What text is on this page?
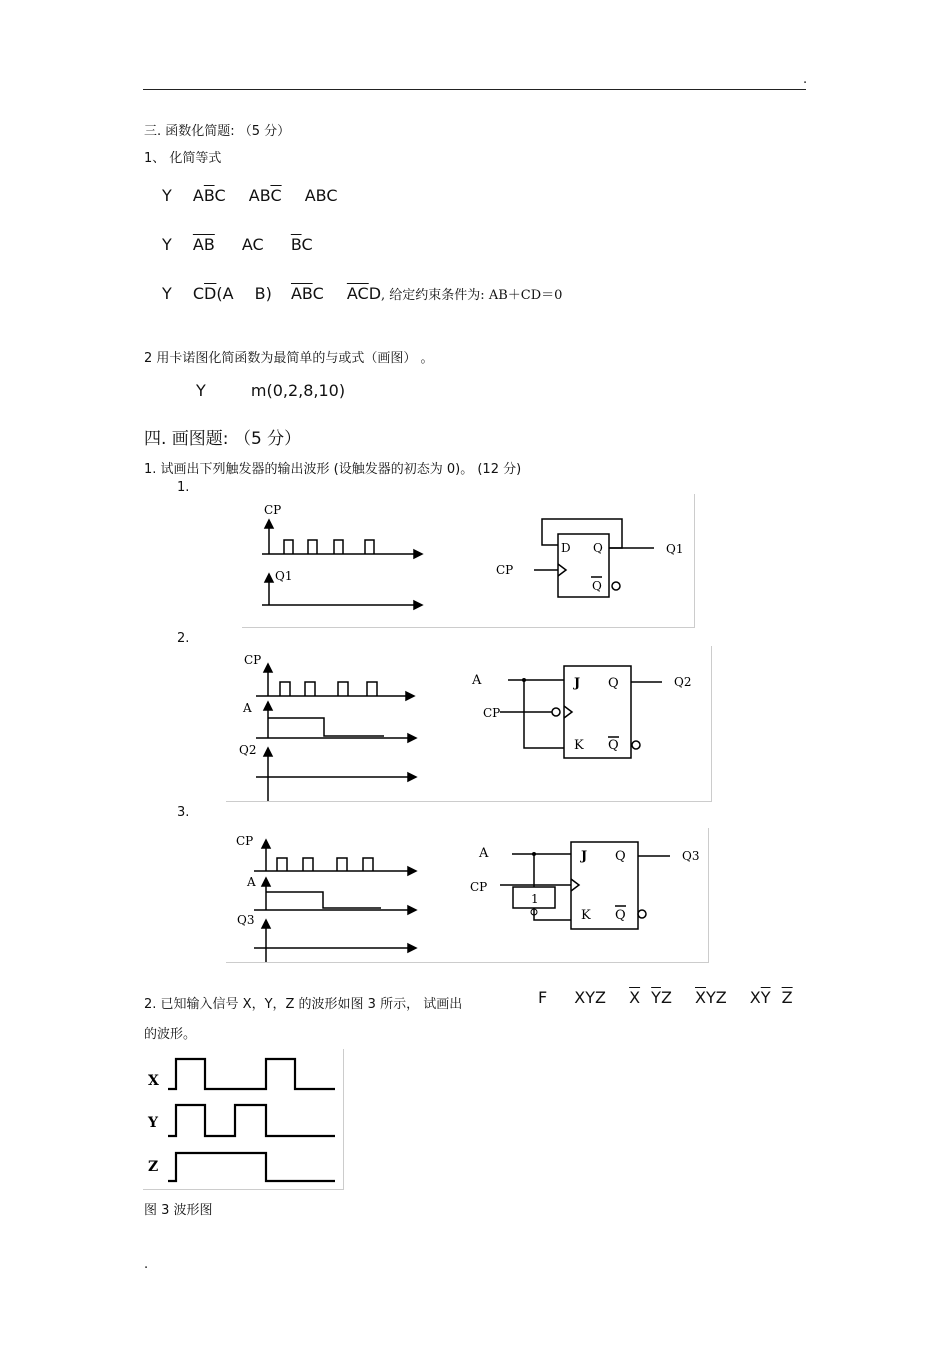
.
三. 函数化简题: （5 分）
1、 化简等式
Y $A\overline{B}C$ $AB\overline{C}$ ABC
Y $\overline{AB}$ AC $\overline{B}C$
Y $C\overline{D}(A$ B) $\overline{AB}C$ $\overline{AC}D$, 给定约束条件为: AB＋CD＝0
2 用卡诺图化简函数为最简单的与或式（画图） 。
Y	m(0,2,8,10)
四. 画图题: （5 分）
1. 试画出下列触发器的输出波形 (设触发器的初态为 0)。 (12 分)
1.
CP
Q1
D Q
Q
CP
Q1
2.
CP
A
Q2
A
CP
J Q
K Q
Q2
3.
CP
A
Q3
A
CP
1
J Q
K Q
Q3
2. 已知输入信号 X，Y，Z 的波形如图 3 所示， 试画出	F XYZ $\overline{X}$ $\overline{Y}Z$ $\overline{X}YZ$ $X\overline{Y}$ $\overline{Z}$
的波形。
X
Y
Z
图 3 波形图
.
